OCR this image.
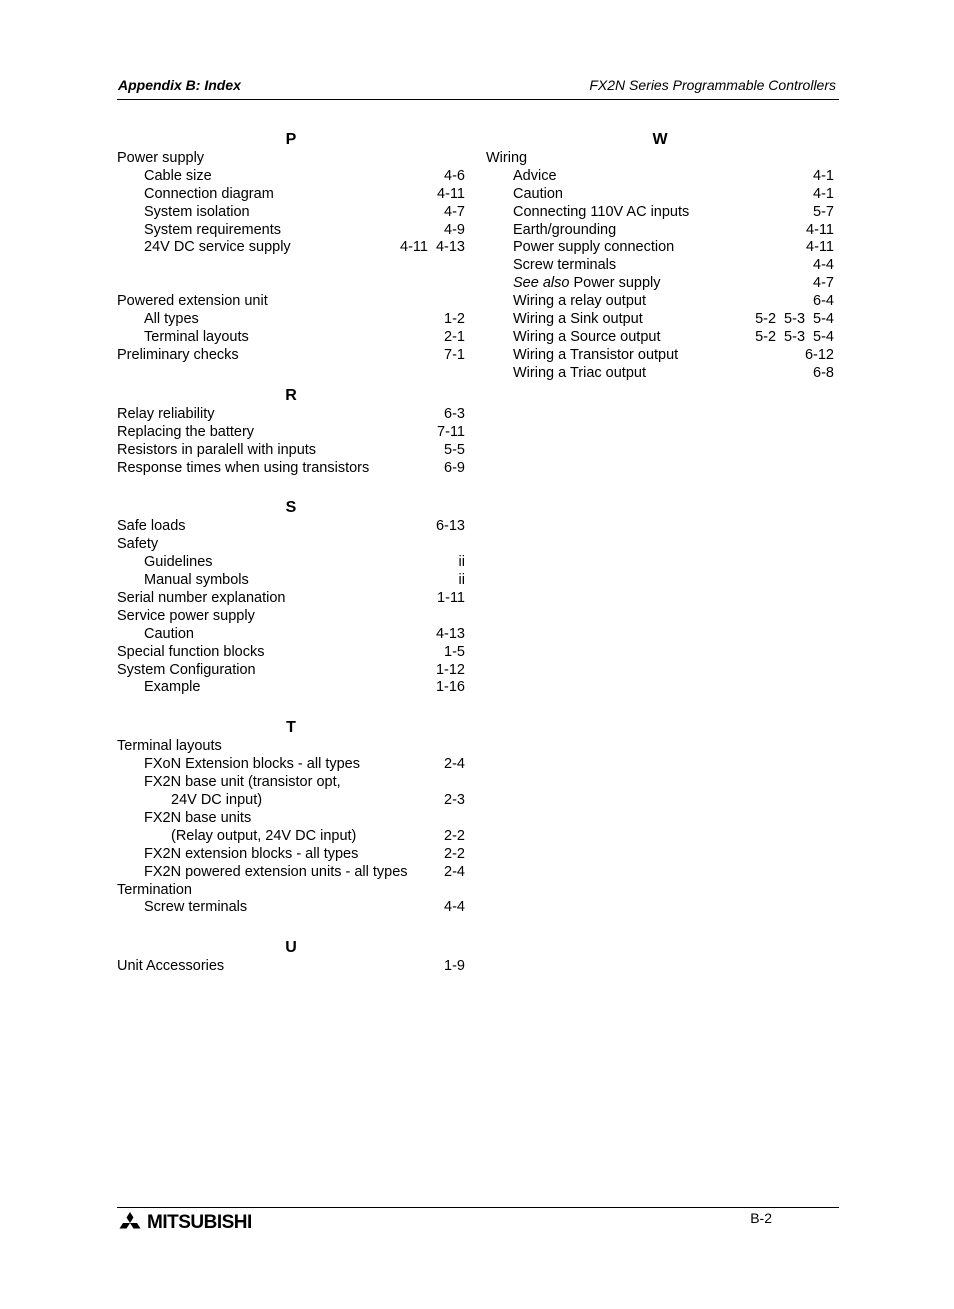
Appendix B: Index	FX2N Series Programmable Controllers
P
Power supply
Cable size	4-6
Connection diagram	4-11
System isolation	4-7
System requirements	4-9
24V DC service supply	4-11 4-13
Powered extension unit
All types	1-2
Terminal layouts	2-1
Preliminary checks	7-1
R
Relay reliability	6-3
Replacing the battery	7-11
Resistors in paralell with inputs	5-5
Response times when using transistors	6-9
S
Safe loads	6-13
Safety
Guidelines	ii
Manual symbols	ii
Serial number explanation	1-11
Service power supply
Caution	4-13
Special function blocks	1-5
System Configuration	1-12
Example	1-16
T
Terminal layouts
FXoN Extension blocks - all types	2-4
FX2N base unit (transistor opt,
24V DC input)	2-3
FX2N base units
(Relay output, 24V DC input)	2-2
FX2N extension blocks - all types	2-2
FX2N powered extension units - all types	2-4
Termination
Screw terminals	4-4
U
Unit Accessories	1-9
W
Wiring
Advice	4-1
Caution	4-1
Connecting 110V AC inputs	5-7
Earth/grounding	4-11
Power supply connection	4-11
Screw terminals	4-4
See also Power supply	4-7
Wiring a relay output	6-4
Wiring a Sink output	5-2 5-3 5-4
Wiring a Source output	5-2 5-3 5-4
Wiring a Transistor output	6-12
Wiring a Triac output	6-8
MITSUBISHI	B-2
